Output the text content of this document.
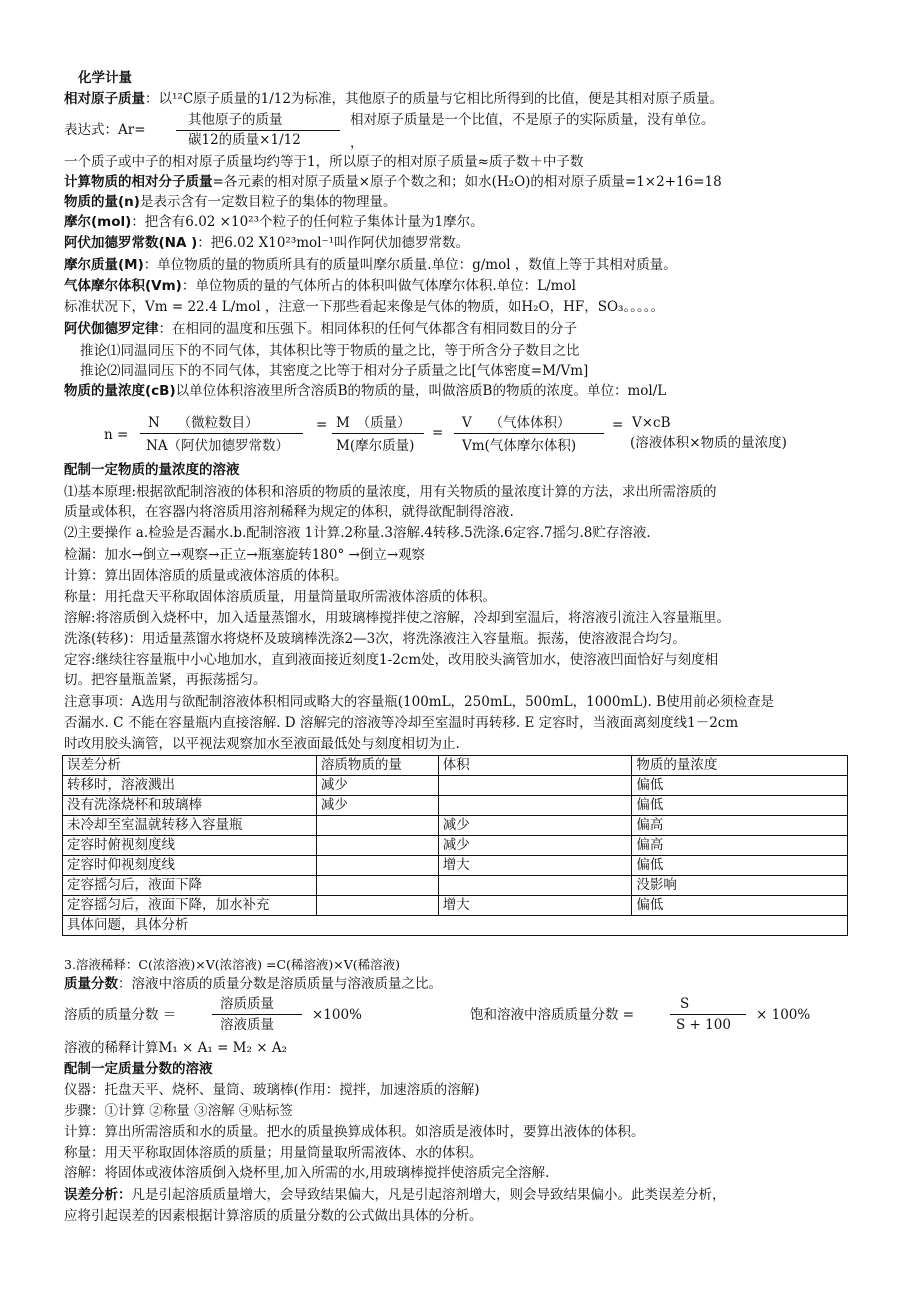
化学计量
相对原子质量：以¹²C原子质量的1/12为标准，其他原子的质量与它相比所得到的比值，便是其相对原子质量。
表达式：Ar=
其他原子的质量
碳12的质量×1/12
相对原子质量是一个比值，不是原子的实际质量，没有单位。
，
一个质子或中子的相对原子质量均约等于1，所以原子的相对原子质量≈质子数＋中子数
计算物质的相对分子质量=各元素的相对原子质量×原子个数之和；如水(H₂O)的相对原子质量=1×2+16=18
物质的量(n)是表示含有一定数目粒子的集体的物理量。
摩尔(mol)：把含有6.02 ×10²³个粒子的任何粒子集体计量为1摩尔。
阿伏加德罗常数(NA )：把6.02 X10²³mol⁻¹叫作阿伏加德罗常数。
摩尔质量(M)：单位物质的量的物质所具有的质量叫摩尔质量.单位：g/mol ，数值上等于其相对质量。
气体摩尔体积(Vm)：单位物质的量的气体所占的体积叫做气体摩尔体积.单位：L/mol
标准状况下，Vm = 22.4 L/mol ，注意一下那些看起来像是气体的物质，如H₂O，HF，SO₃。。。。。
阿伏伽德罗定律：在相同的温度和压强下。相同体积的任何气体都含有相同数目的分子
推论⑴同温同压下的不同气体，其体积比等于物质的量之比，等于所含分子数目之比
推论⑵同温同压下的不同气体，其密度之比等于相对分子质量之比[气体密度=M/Vm]
物质的量浓度(cB)以单位体积溶液里所含溶质B的物质的量，叫做溶质B的物质的浓度。单位：mol/L
n =
N　 （微粒数目）
NA（阿伏加德罗常数）
= M　（质量）
M(摩尔质量)
=
V　 （气体体积）
Vm(气体摩尔体积)
= V×cB
(溶液体积×物质的量浓度)
配制一定物质的量浓度的溶液
⑴基本原理:根据欲配制溶液的体积和溶质的物质的量浓度，用有关物质的量浓度计算的方法，求出所需溶质的
质量或体积，在容器内将溶质用溶剂稀释为规定的体积，就得欲配制得溶液.
⑵主要操作 a.检验是否漏水.b.配制溶液 1计算.2称量.3溶解.4转移.5洗涤.6定容.7摇匀.8贮存溶液.
检漏：加水→倒立→观察→正立→瓶塞旋转180° →倒立→观察
计算：算出固体溶质的质量或液体溶质的体积。
称量：用托盘天平称取固体溶质质量，用量筒量取所需液体溶质的体积。
溶解:将溶质倒入烧杯中，加入适量蒸馏水，用玻璃棒搅拌使之溶解，冷却到室温后，将溶液引流注入容量瓶里。
洗涤(转移)：用适量蒸馏水将烧杯及玻璃棒洗涤2—3次，将洗涤液注入容量瓶。振荡，使溶液混合均匀。
定容:继续往容量瓶中小心地加水，直到液面接近刻度1-2cm处，改用胶头滴管加水，使溶液凹面恰好与刻度相
切。把容量瓶盖紧，再振荡摇匀。
注意事项：A选用与欲配制溶液体积相同或略大的容量瓶(100mL，250mL，500mL，1000mL). B使用前必须检查是
否漏水. C 不能在容量瓶内直接溶解. D 溶解完的溶液等冷却至室温时再转移. E 定容时，当液面离刻度线1－2cm
时改用胶头滴管，以平视法观察加水至液面最低处与刻度相切为止.
误差分析	溶质物质的量	体积	物质的量浓度
转移时，溶液溅出	减少		偏低
没有洗涤烧杯和玻璃棒	减少		偏低
未冷却至室温就转移入容量瓶		减少	偏高
定容时俯视刻度线		减少	偏高
定容时仰视刻度线		增大	偏低
定容摇匀后，液面下降			没影响
定容摇匀后，液面下降，加水补充		增大	偏低
具体问题，具体分析			
3.溶液稀释：C(浓溶液)×V(浓溶液) =C(稀溶液)×V(稀溶液)
质量分数：溶液中溶质的质量分数是溶质质量与溶液质量之比。
溶质的质量分数 ＝
溶质质量
溶液质量
×100%	饱和溶液中溶质质量分数 =
S
S + 100
× 100%
溶液的稀释计算M₁ × A₁ = M₂ × A₂
配制一定质量分数的溶液
仪器：托盘天平、烧杯、量筒、玻璃棒(作用：搅拌，加速溶质的溶解)
步骤：①计算 ②称量 ③溶解 ④贴标签
计算：算出所需溶质和水的质量。把水的质量换算成体积。如溶质是液体时，要算出液体的体积。
称量：用天平称取固体溶质的质量；用量筒量取所需液体、水的体积。
溶解：将固体或液体溶质倒入烧杯里,加入所需的水,用玻璃棒搅拌使溶质完全溶解.
误差分析：凡是引起溶质质量增大，会导致结果偏大，凡是引起溶剂增大，则会导致结果偏小。此类误差分析，
应将引起误差的因素根据计算溶质的质量分数的公式做出具体的分析。
